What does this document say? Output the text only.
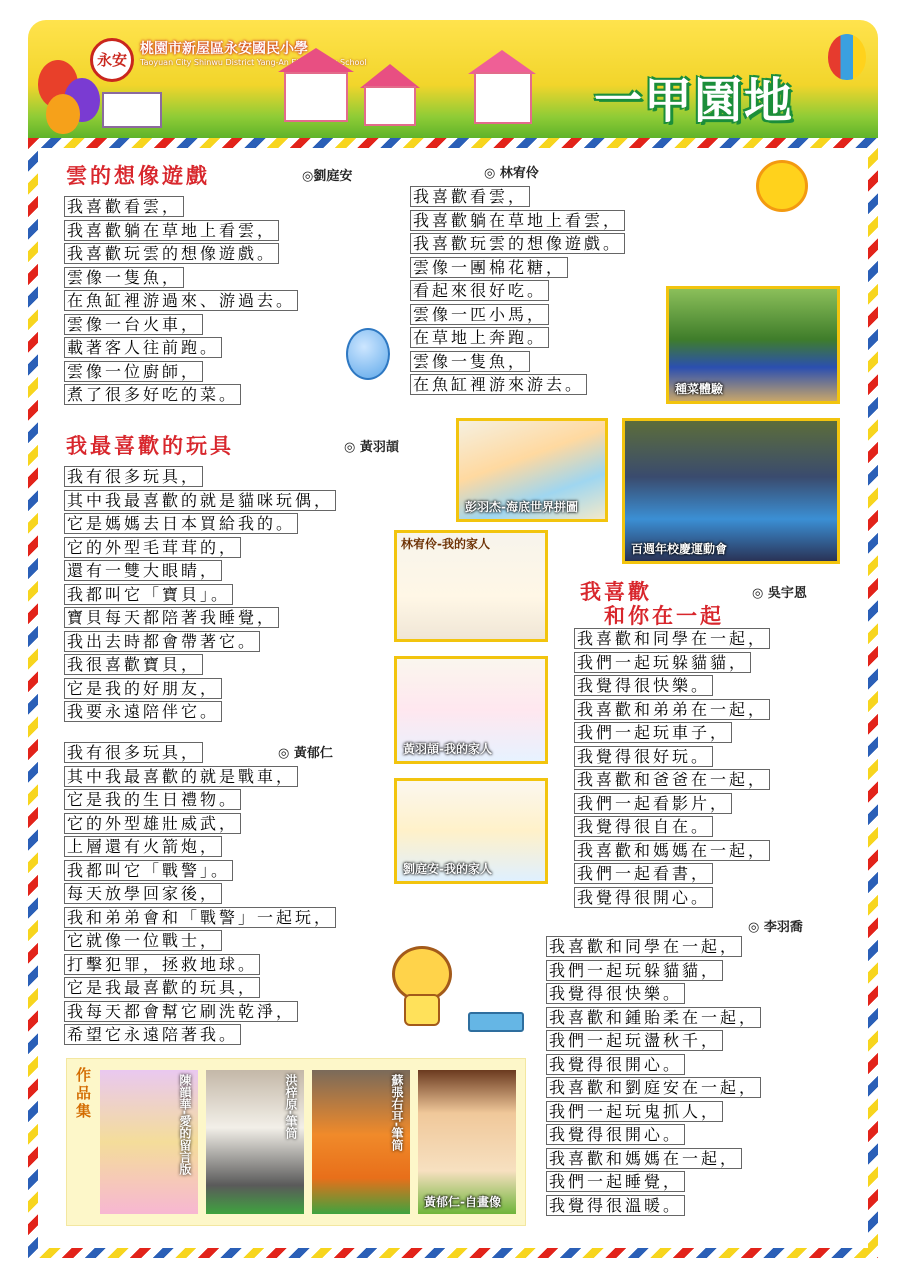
永安
桃園市新屋區永安國民小學
Taoyuan City Shinwu District Yang-An Elementary School
一甲園地
雲的想像遊戲	◎劉庭安
我喜歡看雲，
我喜歡躺在草地上看雲，
我喜歡玩雲的想像遊戲。
雲像一隻魚，
在魚缸裡游過來、游過去。
雲像一台火車，
載著客人往前跑。
雲像一位廚師，
煮了很多好吃的菜。
◎ 林宥伶
我喜歡看雲，
我喜歡躺在草地上看雲，
我喜歡玩雲的想像遊戲。
雲像一團棉花糖，
看起來很好吃。
雲像一匹小馬，
在草地上奔跑。
雲像一隻魚，
在魚缸裡游來游去。	種菜體驗
我最喜歡的玩具	◎ 黃羽頡
我有很多玩具，
其中我最喜歡的就是貓咪玩偶，
它是媽媽去日本買給我的。
它的外型毛茸茸的，
還有一雙大眼睛，
我都叫它「寶貝」。
寶貝每天都陪著我睡覺，
我出去時都會帶著它。
我很喜歡寶貝，
它是我的好朋友，
我要永遠陪伴它。
彭羽杰-海底世界拼圖
百週年校慶運動會
林宥伶-我的家人
黃羽頡-我的家人
劉庭安-我的家人
◎ 黃郁仁
我有很多玩具，
其中我最喜歡的就是戰車，
它是我的生日禮物。
它的外型雄壯威武，
上層還有火箭炮，
我都叫它「戰警」。
每天放學回家後，
我和弟弟會和「戰警」一起玩，
它就像一位戰士，
打擊犯罪，拯救地球。
它是我最喜歡的玩具，
我每天都會幫它刷洗乾淨，
希望它永遠陪著我。
我喜歡
和你在一起
◎ 吳宇恩
我喜歡和同學在一起，
我們一起玩躲貓貓，
我覺得很快樂。
我喜歡和弟弟在一起，
我們一起玩車子，
我覺得很好玩。
我喜歡和爸爸在一起，
我們一起看影片，
我覺得很自在。
我喜歡和媽媽在一起，
我們一起看書，
我覺得很開心。
◎ 李羽喬
我喜歡和同學在一起，
我們一起玩躲貓貓，
我覺得很快樂。
我喜歡和鍾貽柔在一起，
我們一起玩盪秋千，
我覺得很開心。
我喜歡和劉庭安在一起，
我們一起玩鬼抓人，
我覺得很開心。
我喜歡和媽媽在一起，
我們一起睡覺，
我覺得很溫暖。
作品集	陳韻華-愛的留言版	洪梓原-筆筒	蘇張右耳-筆筒
黃郁仁-自畫像
